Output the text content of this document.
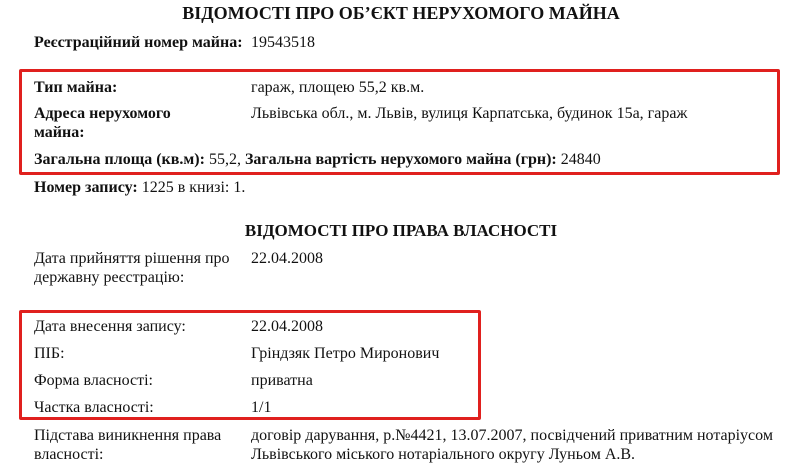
ВІДОМОСТІ ПРО ОБ’ЄКТ НЕРУХОМОГО МАЙНА
Реєстраційний номер майна: 19543518
Тип майна:	гараж, площею 55,2 кв.м.
Адреса нерухомого майна:
Львівська обл., м. Львів, вулиця Карпатська, будинок 15а, гараж
Загальна площа (кв.м): 55,2, Загальна вартість нерухомого майна (грн): 24840
Номер запису: 1225 в книзі: 1.
ВІДОМОСТІ ПРО ПРАВА ВЛАСНОСТІ
Дата прийняття рішення про державну реєстрацію:
22.04.2008
Дата внесення запису:	22.04.2008
ПІБ:	Гріндзяк Петро Миронович
Форма власності:	приватна
Частка власності:	1/1
Підстава виникнення права власності:
договір дарування, р.№4421, 13.07.2007, посвідчений приватним нотаріусом Львівського міського нотаріального округу Луньом А.В.
